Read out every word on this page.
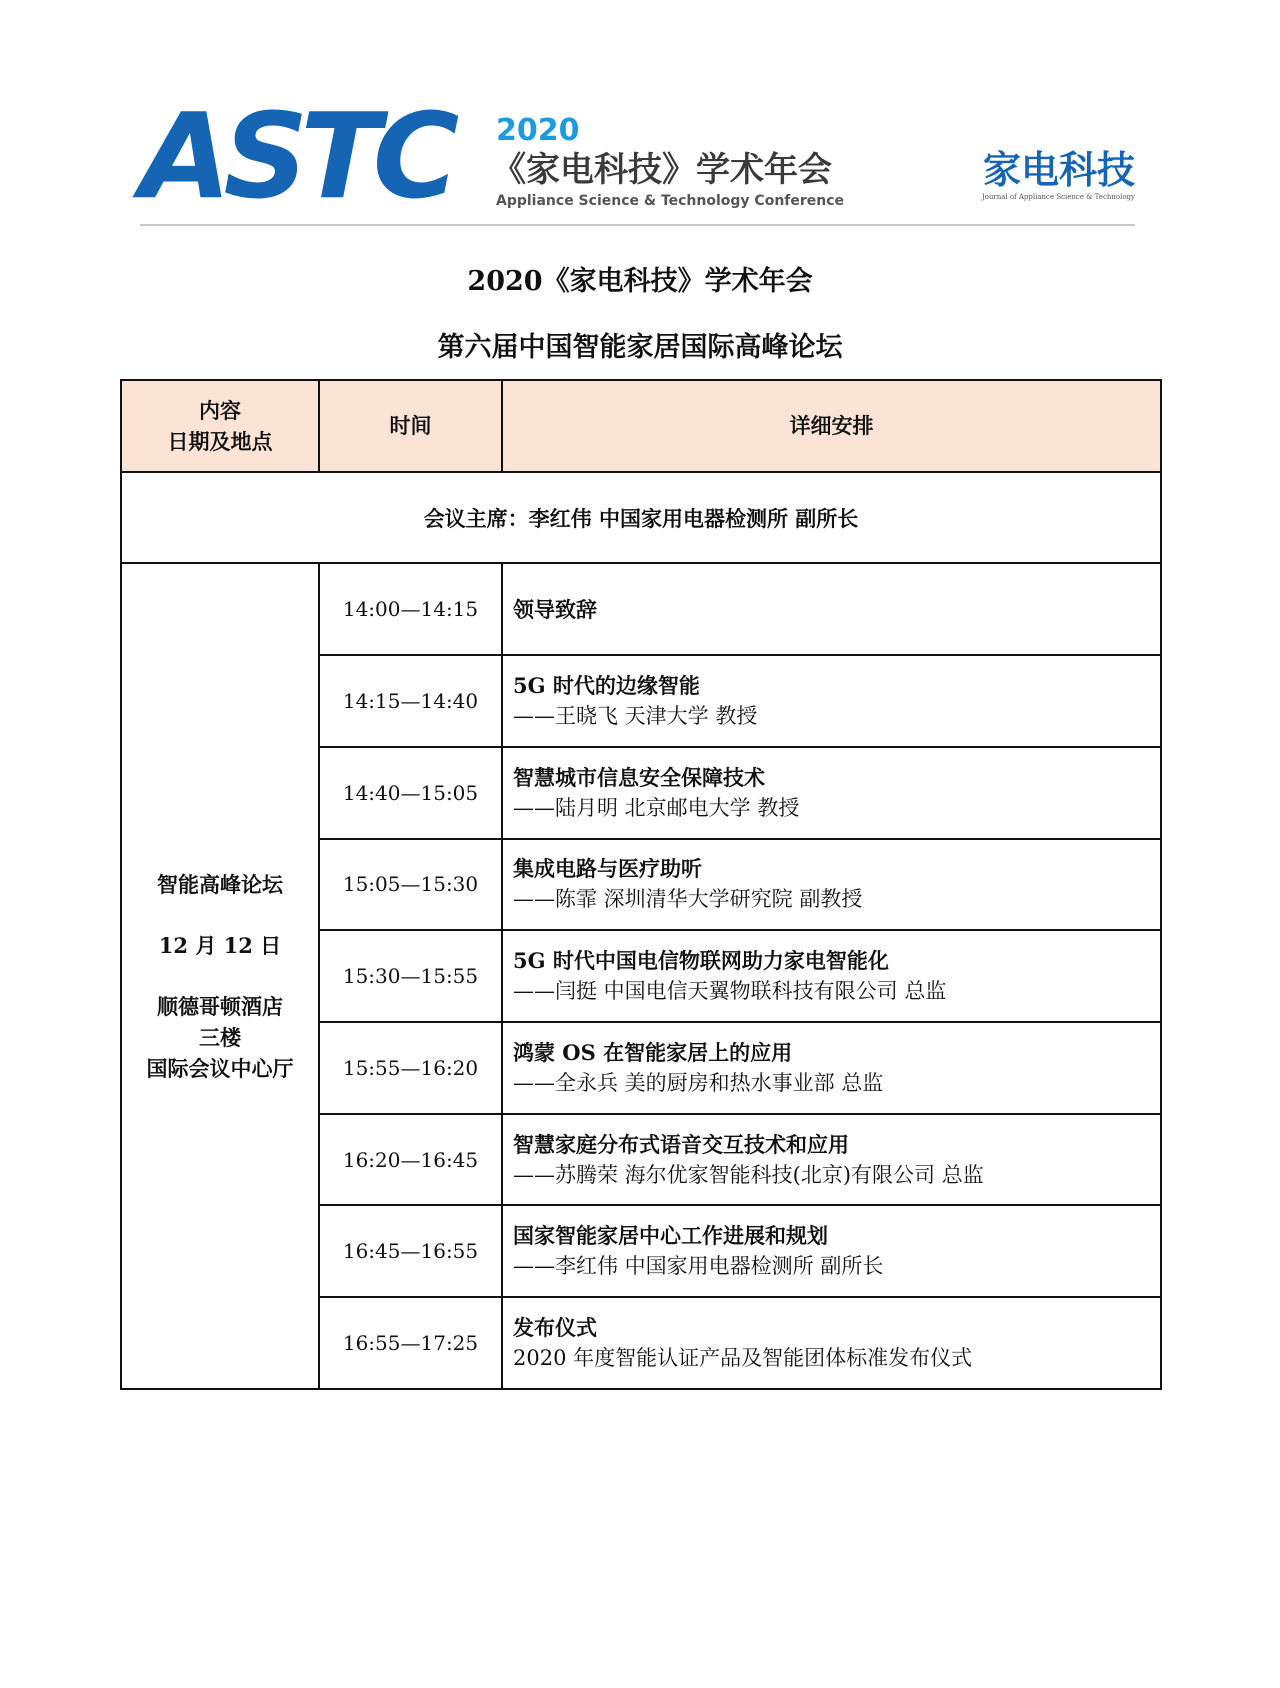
ASTC 2020
《家电科技》学术年会
Appliance Science & Technology Conference
家电科技
Journal of Appliance Science & Technology
2020《家电科技》学术年会
第六届中国智能家居国际高峰论坛
内容
日期及地点	时间	详细安排
会议主席：李红伟 中国家用电器检测所 副所长		

智能高峰论坛
12 月 12 日
顺德哥顿酒店
三楼
国际会议中心厅	14:00—14:15	领导致辞

	14:15—14:40	5G 时代的边缘智能
——王晓飞 天津大学 教授

	14:40—15:05	智慧城市信息安全保障技术
——陆月明 北京邮电大学 教授

	15:05—15:30	集成电路与医疗助听
——陈霏 深圳清华大学研究院 副教授

	15:30—15:55	5G 时代中国电信物联网助力家电智能化
——闫挺 中国电信天翼物联科技有限公司 总监

	15:55—16:20	鸿蒙 OS 在智能家居上的应用
——全永兵 美的厨房和热水事业部 总监

	16:20—16:45	智慧家庭分布式语音交互技术和应用
——苏腾荣 海尔优家智能科技(北京)有限公司 总监

	16:45—16:55	国家智能家居中心工作进展和规划
——李红伟 中国家用电器检测所 副所长

	16:55—17:25	发布仪式
2020 年度智能认证产品及智能团体标准发布仪式
